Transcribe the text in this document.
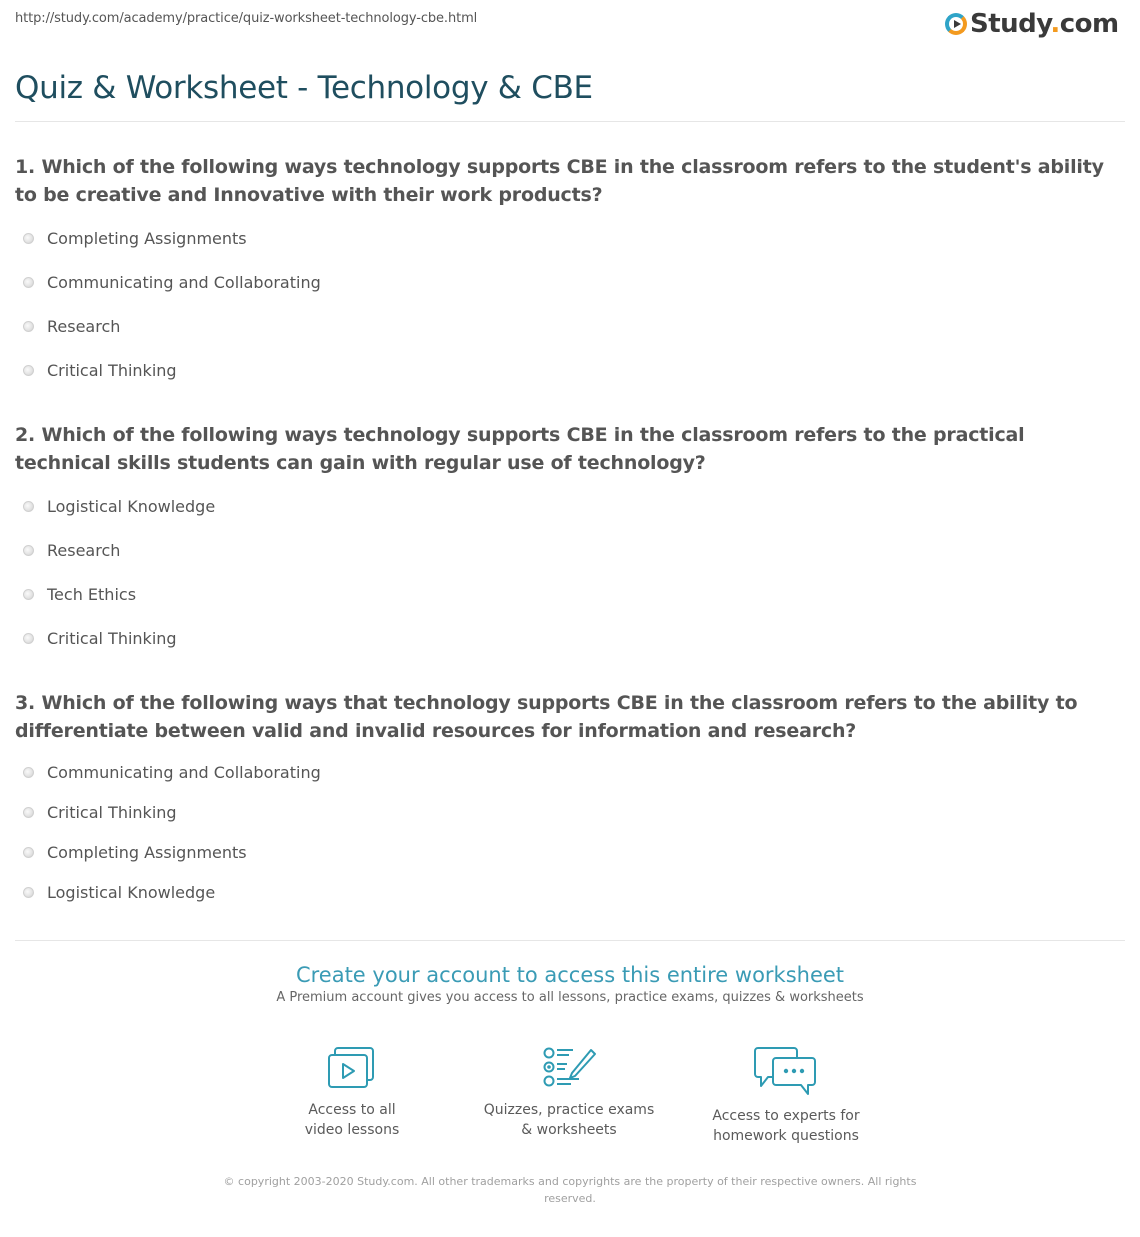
http://study.com/academy/practice/quiz-worksheet-technology-cbe.html	Study.com
Quiz & Worksheet - Technology & CBE
1. Which of the following ways technology supports CBE in the classroom refers to the student's ability to be creative and Innovative with their work products?
Completing Assignments
Communicating and Collaborating
Research
Critical Thinking
2. Which of the following ways technology supports CBE in the classroom refers to the practical technical skills students can gain with regular use of technology?
Logistical Knowledge
Research
Tech Ethics
Critical Thinking
3. Which of the following ways that technology supports CBE in the classroom refers to the ability to differentiate between valid and invalid resources for information and research?
Communicating and Collaborating
Critical Thinking
Completing Assignments
Logistical Knowledge
Create your account to access this entire worksheet
A Premium account gives you access to all lessons, practice exams, quizzes & worksheets
Access to all
video lessons
Quizzes, practice exams
& worksheets
Access to experts for
homework questions
© copyright 2003-2020 Study.com. All other trademarks and copyrights are the property of their respective owners. All rights reserved.
